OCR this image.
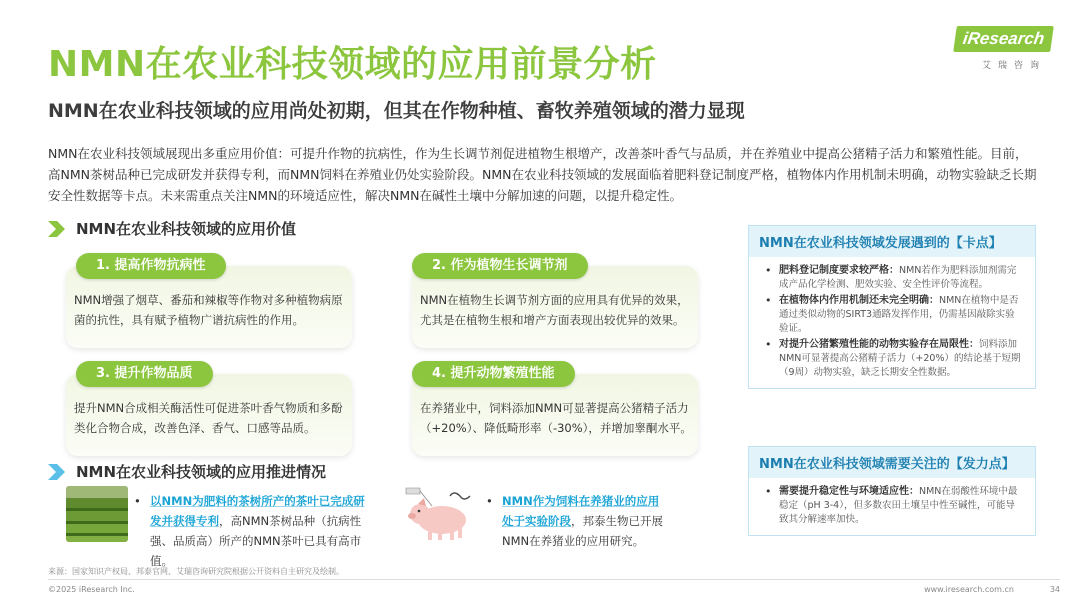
NMN在农业科技领域的应用前景分析
NMN在农业科技领域的应用尚处初期，但其在作物种植、畜牧养殖领域的潜力显现
iResearch
艾瑞咨询
NMN在农业科技领域展现出多重应用价值：可提升作物的抗病性，作为生长调节剂促进植物生根增产，改善茶叶香气与品质，并在养殖业中提高公猪精子活力和繁殖性能。目前，高NMN茶树品种已完成研发并获得专利，而NMN饲料在养殖业仍处实验阶段。NMN在农业科技领域的发展面临着肥料登记制度严格，植物体内作用机制未明确，动物实验缺乏长期安全性数据等卡点。未来需重点关注NMN的环境适应性，解决NMN在碱性土壤中分解加速的问题，以提升稳定性。
NMN在农业科技领域的应用价值
NMN增强了烟草、番茄和辣椒等作物对多种植物病原菌的抗性，具有赋予植物广谱抗病性的作用。
1. 提高作物抗病性
NMN在植物生长调节剂方面的应用具有优异的效果，尤其是在植物生根和增产方面表现出较优异的效果。
2. 作为植物生长调节剂
提升NMN合成相关酶活性可促进茶叶香气物质和多酚类化合物合成，改善色泽、香气、口感等品质。
3. 提升作物品质
在养猪业中，饲料添加NMN可显著提高公猪精子活力（+20%）、降低畸形率（-30%），并增加睾酮水平。
4. 提升动物繁殖性能
NMN在农业科技领域的应用推进情况
• 以NMN为肥料的茶树所产的茶叶已完成研发并获得专利，高NMN茶树品种（抗病性强、品质高）所产的NMN茶叶已具有高市值。
• NMN作为饲料在养猪业的应用处于实验阶段，邦泰生物已开展NMN在养猪业的应用研究。
NMN在农业科技领域发展遇到的【卡点】
• 肥料登记制度要求较严格：NMN若作为肥料添加剂需完成产品化学检测、肥效实验、安全性评价等流程。
• 在植物体内作用机制还未完全明确：NMN在植物中是否通过类似动物的SIRT3通路发挥作用，仍需基因敲除实验验证。
• 对提升公猪繁殖性能的动物实验存在局限性：饲料添加NMN可显著提高公猪精子活力（+20%）的结论基于短期（9周）动物实验，缺乏长期安全性数据。
NMN在农业科技领域需要关注的【发力点】
• 需要提升稳定性与环境适应性：NMN在弱酸性环境中最稳定（pH 3-4），但多数农田土壤呈中性至碱性，可能导致其分解速率加快。
来源：国家知识产权局、邦泰官网、艾瑞咨询研究院根据公开资料自主研究及绘制。
©2025 iResearch Inc.	www.iresearch.com.cn	34
